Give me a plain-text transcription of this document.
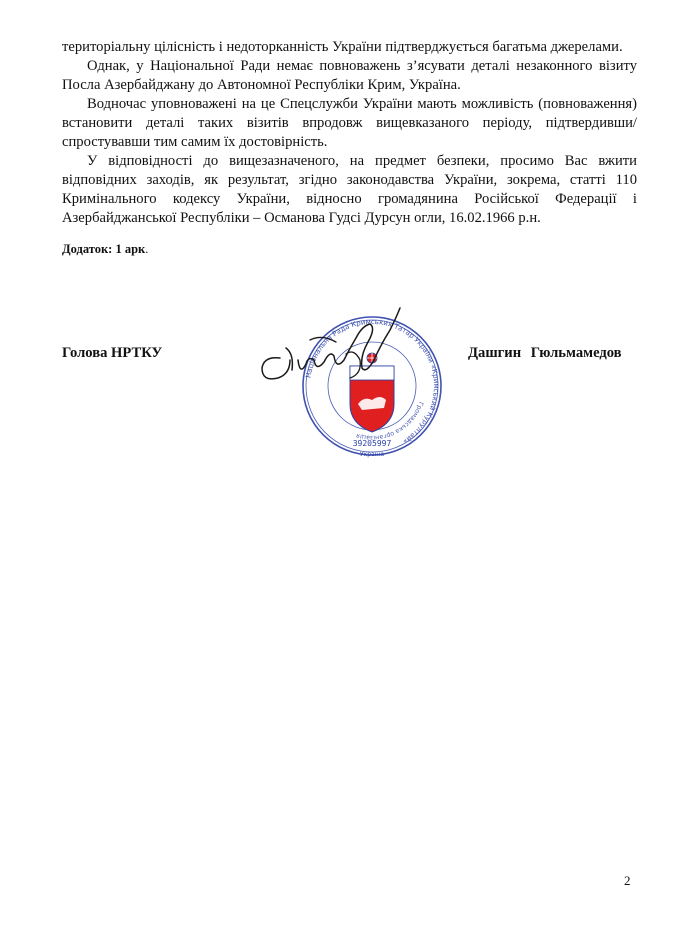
територіальну цілісність і недоторканність України підтверджується багатьма джерелами.

Однак, у Національної Ради немає повноважень з’ясувати деталі незаконного візиту Посла Азербайджану до Автономної Республіки Крим, Україна.

Водночас уповноважені на це Спецслужби України мають можливість (повноваження) встановити деталі таких візитів впродовж вищевказаного періоду, підтвердивши/спростувавши тим самим їх достовірність.

У відповідності до вищезазначеного, на предмет безпеки, просимо Вас вжити відповідних заходів, як результат, згідно законодавства України, зокрема, статті 110 Кримінального кодексу України, відносно громадянина Російської Федерації і Азербайджанської Республіки – Османова Гудсі Дурсун огли, 16.02.1966 р.н.

Додаток: 1 арк.
Голова НРТКУ
Національна Рада Кримських Татар України «Кримський Курултай»
Громадська організація
39205997
Україна
Дашгин Гюльмамедов
2
